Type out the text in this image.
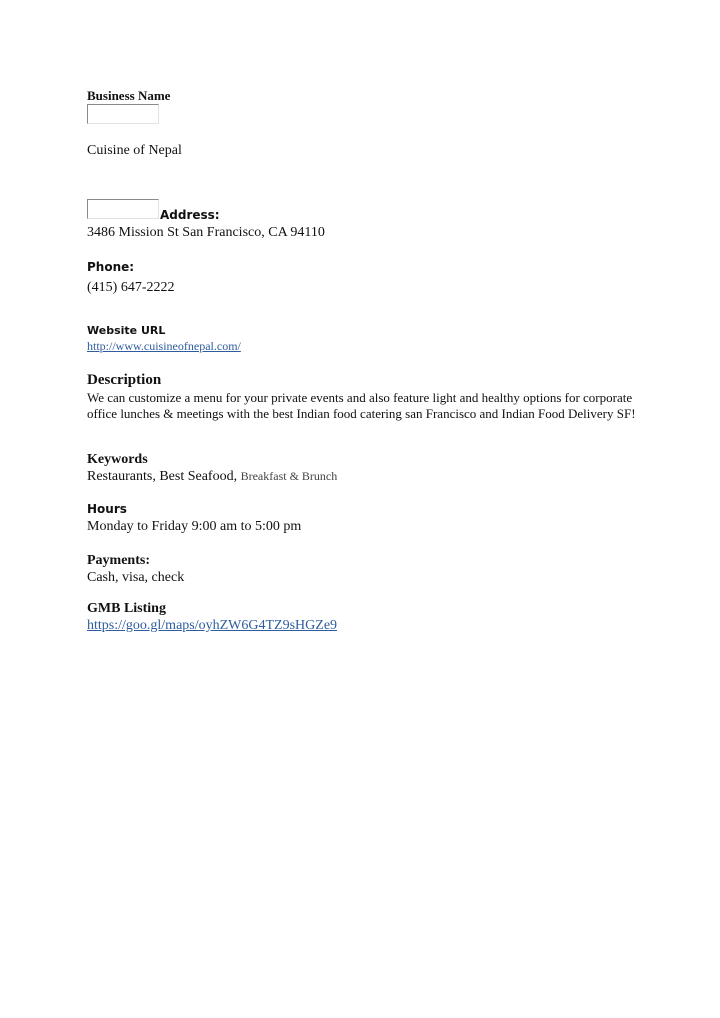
Business Name
Cuisine of Nepal
Address:
3486 Mission St San Francisco, CA 94110
Phone:
(415) 647-2222
Website URL
http://www.cuisineofnepal.com/
Description
We can customize a menu for your private events and also feature light and healthy options for corporate office lunches & meetings with the best Indian food catering san Francisco and Indian Food Delivery SF!
Keywords
Restaurants, Best Seafood, Breakfast & Brunch
Hours
Monday to Friday 9:00 am to 5:00 pm
Payments:
Cash, visa, check
GMB Listing
https://goo.gl/maps/oyhZW6G4TZ9sHGZe9
